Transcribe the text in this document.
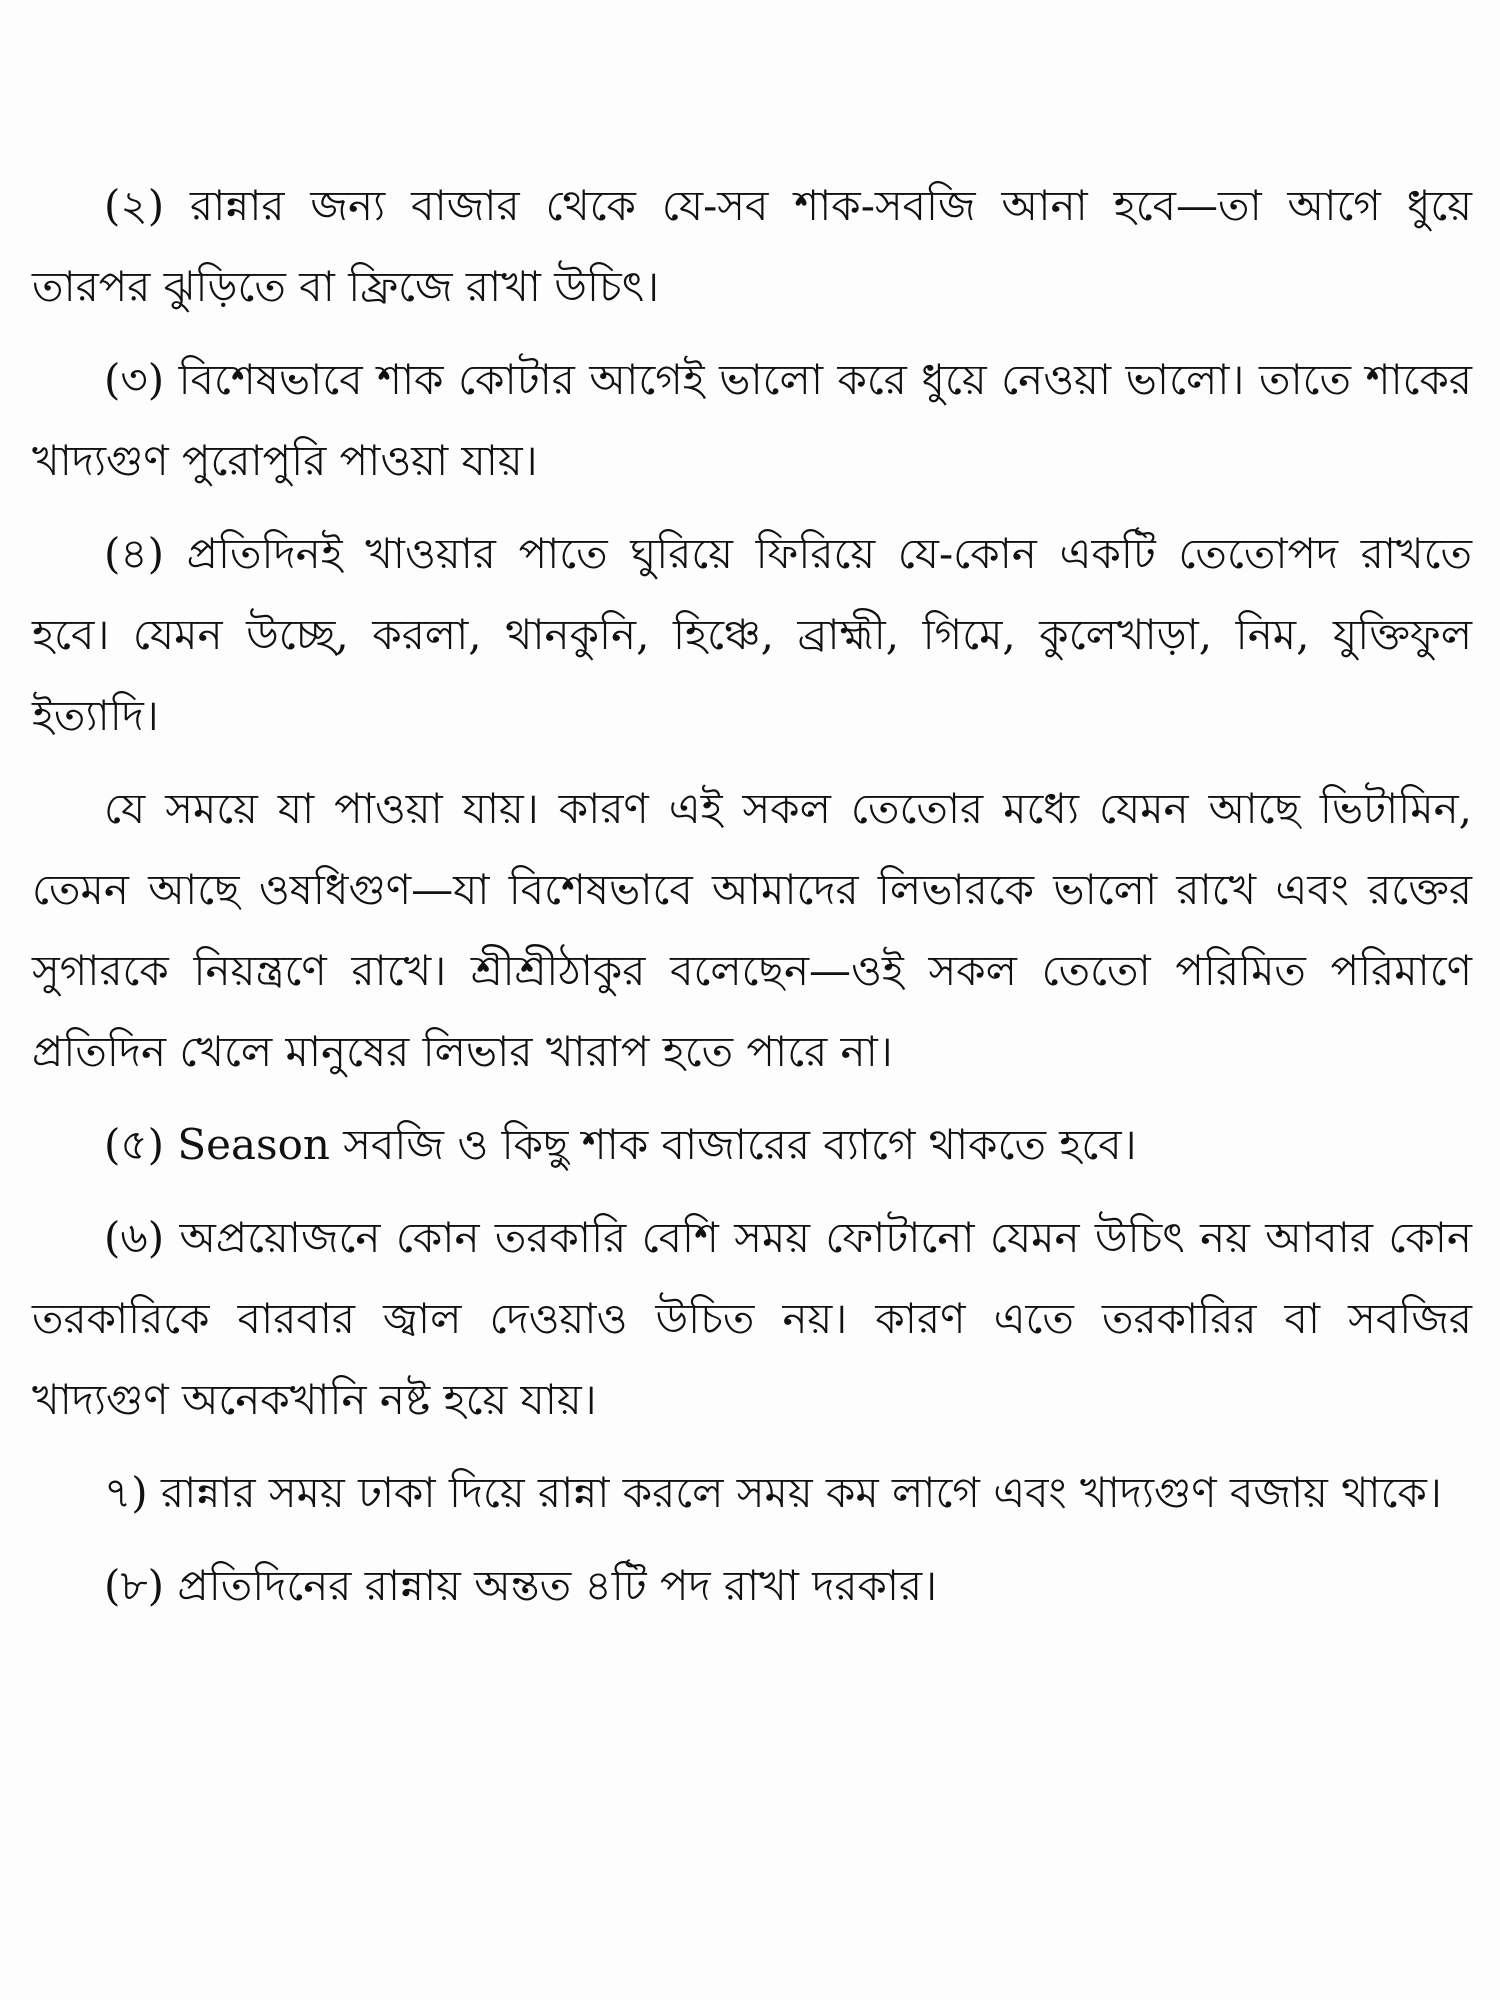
(২) রান্নার জন্য বাজার থেকে যে-সব শাক-সবজি আনা হবে—তা আগে ধুয়ে তারপর ঝুড়িতে বা ফ্রিজে রাখা উচিৎ।

(৩) বিশেষভাবে শাক কোটার আগেই ভালো করে ধুয়ে নেওয়া ভালো। তাতে শাকের খাদ্যগুণ পুরোপুরি পাওয়া যায়।

(৪) প্রতিদিনই খাওয়ার পাতে ঘুরিয়ে ফিরিয়ে যে-কোন একটি তেতোপদ রাখতে হবে। যেমন উচ্ছে, করলা, থানকুনি, হিঞ্চে, ব্রাহ্মী, গিমে, কুলেখাড়া, নিম, যুক্তিফুল ইত্যাদি।

যে সময়ে যা পাওয়া যায়। কারণ এই সকল তেতোর মধ্যে যেমন আছে ভিটামিন, তেমন আছে ওষধিগুণ—যা বিশেষভাবে আমাদের লিভারকে ভালো রাখে এবং রক্তের সুগারকে নিয়ন্ত্রণে রাখে। শ্রীশ্রীঠাকুর বলেছেন—ওই সকল তেতো পরিমিত পরিমাণে প্রতিদিন খেলে মানুষের লিভার খারাপ হতে পারে না।

(৫) Season সবজি ও কিছু শাক বাজারের ব্যাগে থাকতে হবে।

(৬) অপ্রয়োজনে কোন তরকারি বেশি সময় ফোটানো যেমন উচিৎ নয় আবার কোন তরকারিকে বারবার জ্বাল দেওয়াও উচিত নয়। কারণ এতে তরকারির বা সবজির খাদ্যগুণ অনেকখানি নষ্ট হয়ে যায়।

৭) রান্নার সময় ঢাকা দিয়ে রান্না করলে সময় কম লাগে এবং খাদ্যগুণ বজায় থাকে।

(৮) প্রতিদিনের রান্নায় অন্তত ৪টি পদ রাখা দরকার।
